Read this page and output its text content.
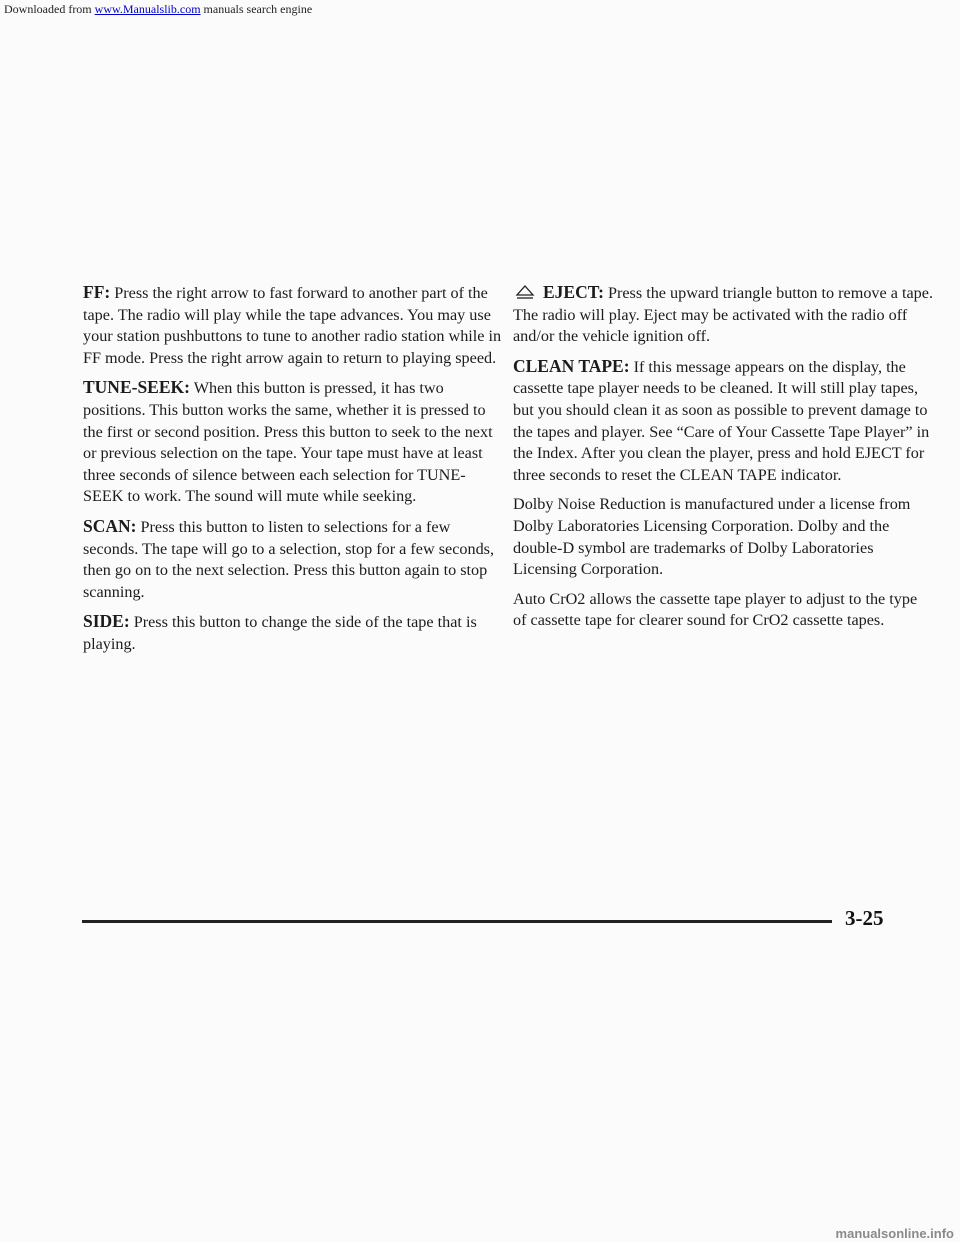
Downloaded from www.Manualslib.com manuals search engine

FF: Press the right arrow to fast forward to another part of the tape. The radio will play while the tape advances. You may use your station pushbuttons to tune to another radio station while in FF mode. Press the right arrow again to return to playing speed.

TUNE-SEEK: When this button is pressed, it has two positions. This button works the same, whether it is pressed to the first or second position. Press this button to seek to the next or previous selection on the tape. Your tape must have at least three seconds of silence between each selection for TUNE-SEEK to work. The sound will mute while seeking.

SCAN: Press this button to listen to selections for a few seconds. The tape will go to a selection, stop for a few seconds, then go on to the next selection. Press this button again to stop scanning.

SIDE: Press this button to change the side of the tape that is playing.

EJECT: Press the upward triangle button to remove a tape. The radio will play. Eject may be activated with the radio off and/or the vehicle ignition off.

CLEAN TAPE: If this message appears on the display, the cassette tape player needs to be cleaned. It will still play tapes, but you should clean it as soon as possible to prevent damage to the tapes and player. See “Care of Your Cassette Tape Player” in the Index. After you clean the player, press and hold EJECT for three seconds to reset the CLEAN TAPE indicator.

Dolby Noise Reduction is manufactured under a license from Dolby Laboratories Licensing Corporation. Dolby and the double-D symbol are trademarks of Dolby Laboratories Licensing Corporation.

Auto CrO2 allows the cassette tape player to adjust to the type of cassette tape for clearer sound for CrO2 cassette tapes.

3-25
manualsonline.info
